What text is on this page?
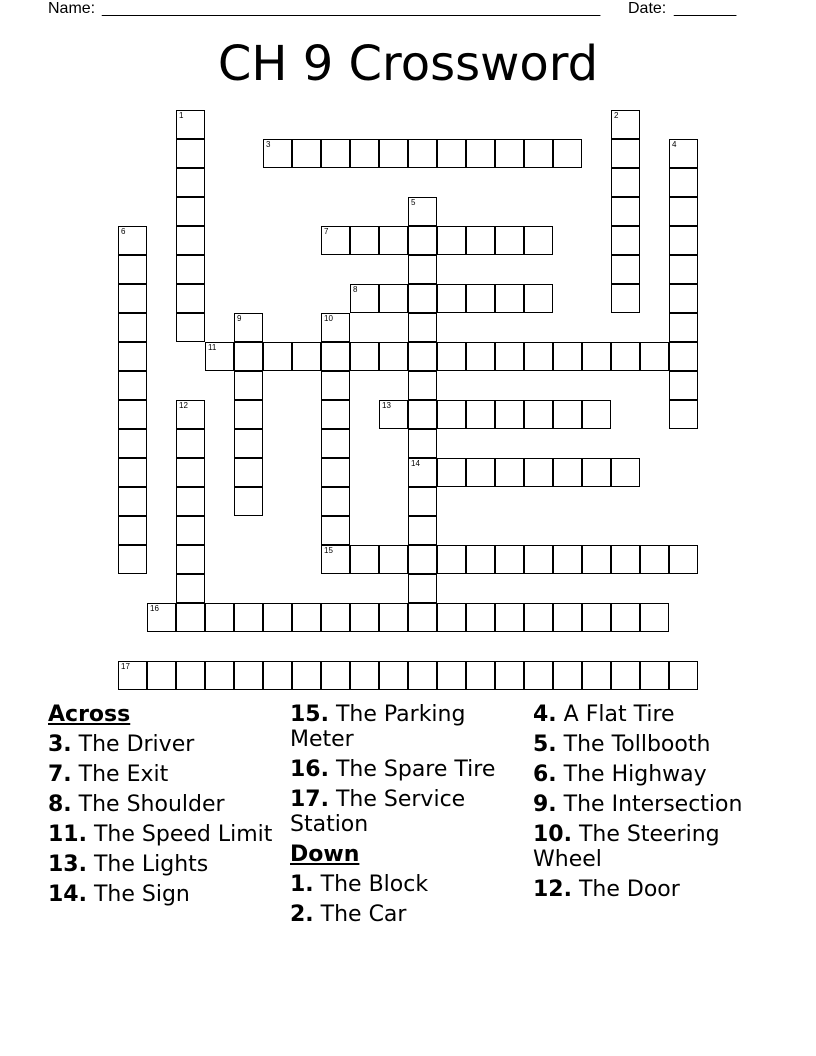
Name: ________________________________________________________ Date: _______
CH 9 Crossword
1	2
3	4
5
14
6	7
8
9	10
15
11
12	13
16
17
Across
3. The Driver
7. The Exit
8. The Shoulder
11. The Speed Limit
13. The Lights
14. The Sign
15. The Parking Meter
16. The Spare Tire
17. The Service Station
Down
1. The Block
2. The Car
4. A Flat Tire
5. The Tollbooth
6. The Highway
9. The Intersection
10. The Steering Wheel
12. The Door
